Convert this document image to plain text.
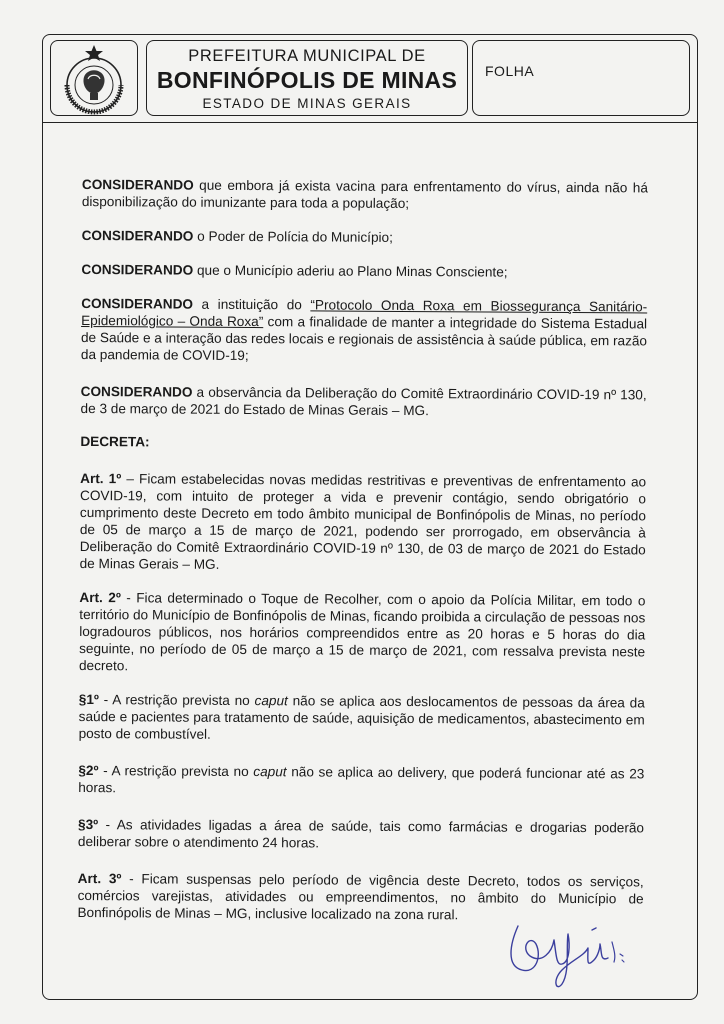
PREFEITURA MUNICIPAL DE
BONFINÓPOLIS DE MINAS
ESTADO DE MINAS GERAIS
FOLHA

CONSIDERANDO que embora já exista vacina para enfrentamento do vírus, ainda não há disponibilização do imunizante para toda a população;

CONSIDERANDO o Poder de Polícia do Município;

CONSIDERANDO que o Município aderiu ao Plano Minas Consciente;

CONSIDERANDO a instituição do “Protocolo Onda Roxa em Biossegurança Sanitário-Epidemiológico – Onda Roxa” com a finalidade de manter a integridade do Sistema Estadual de Saúde e a interação das redes locais e regionais de assistência à saúde pública, em razão da pandemia de COVID-19;

CONSIDERANDO a observância da Deliberação do Comitê Extraordinário COVID-19 nº 130, de 3 de março de 2021 do Estado de Minas Gerais – MG.

DECRETA:

Art. 1º – Ficam estabelecidas novas medidas restritivas e preventivas de enfrentamento ao COVID-19, com intuito de proteger a vida e prevenir contágio, sendo obrigatório o cumprimento deste Decreto em todo âmbito municipal de Bonfinópolis de Minas, no período de 05 de março a 15 de março de 2021, podendo ser prorrogado, em observância à Deliberação do Comitê Extraordinário COVID-19 nº 130, de 03 de março de 2021 do Estado de Minas Gerais – MG.

Art. 2º - Fica determinado o Toque de Recolher, com o apoio da Polícia Militar, em todo o território do Município de Bonfinópolis de Minas, ficando proibida a circulação de pessoas nos logradouros públicos, nos horários compreendidos entre as 20 horas e 5 horas do dia seguinte, no período de 05 de março a 15 de março de 2021, com ressalva prevista neste decreto.

§1º - A restrição prevista no caput não se aplica aos deslocamentos de pessoas da área da saúde e pacientes para tratamento de saúde, aquisição de medicamentos, abastecimento em posto de combustível.

§2º - A restrição prevista no caput não se aplica ao delivery, que poderá funcionar até as 23 horas.

§3º - As atividades ligadas a área de saúde, tais como farmácias e drogarias poderão deliberar sobre o atendimento 24 horas.

Art. 3º - Ficam suspensas pelo período de vigência deste Decreto, todos os serviços, comércios varejistas, atividades ou empreendimentos, no âmbito do Município de Bonfinópolis de Minas – MG, inclusive localizado na zona rural.
